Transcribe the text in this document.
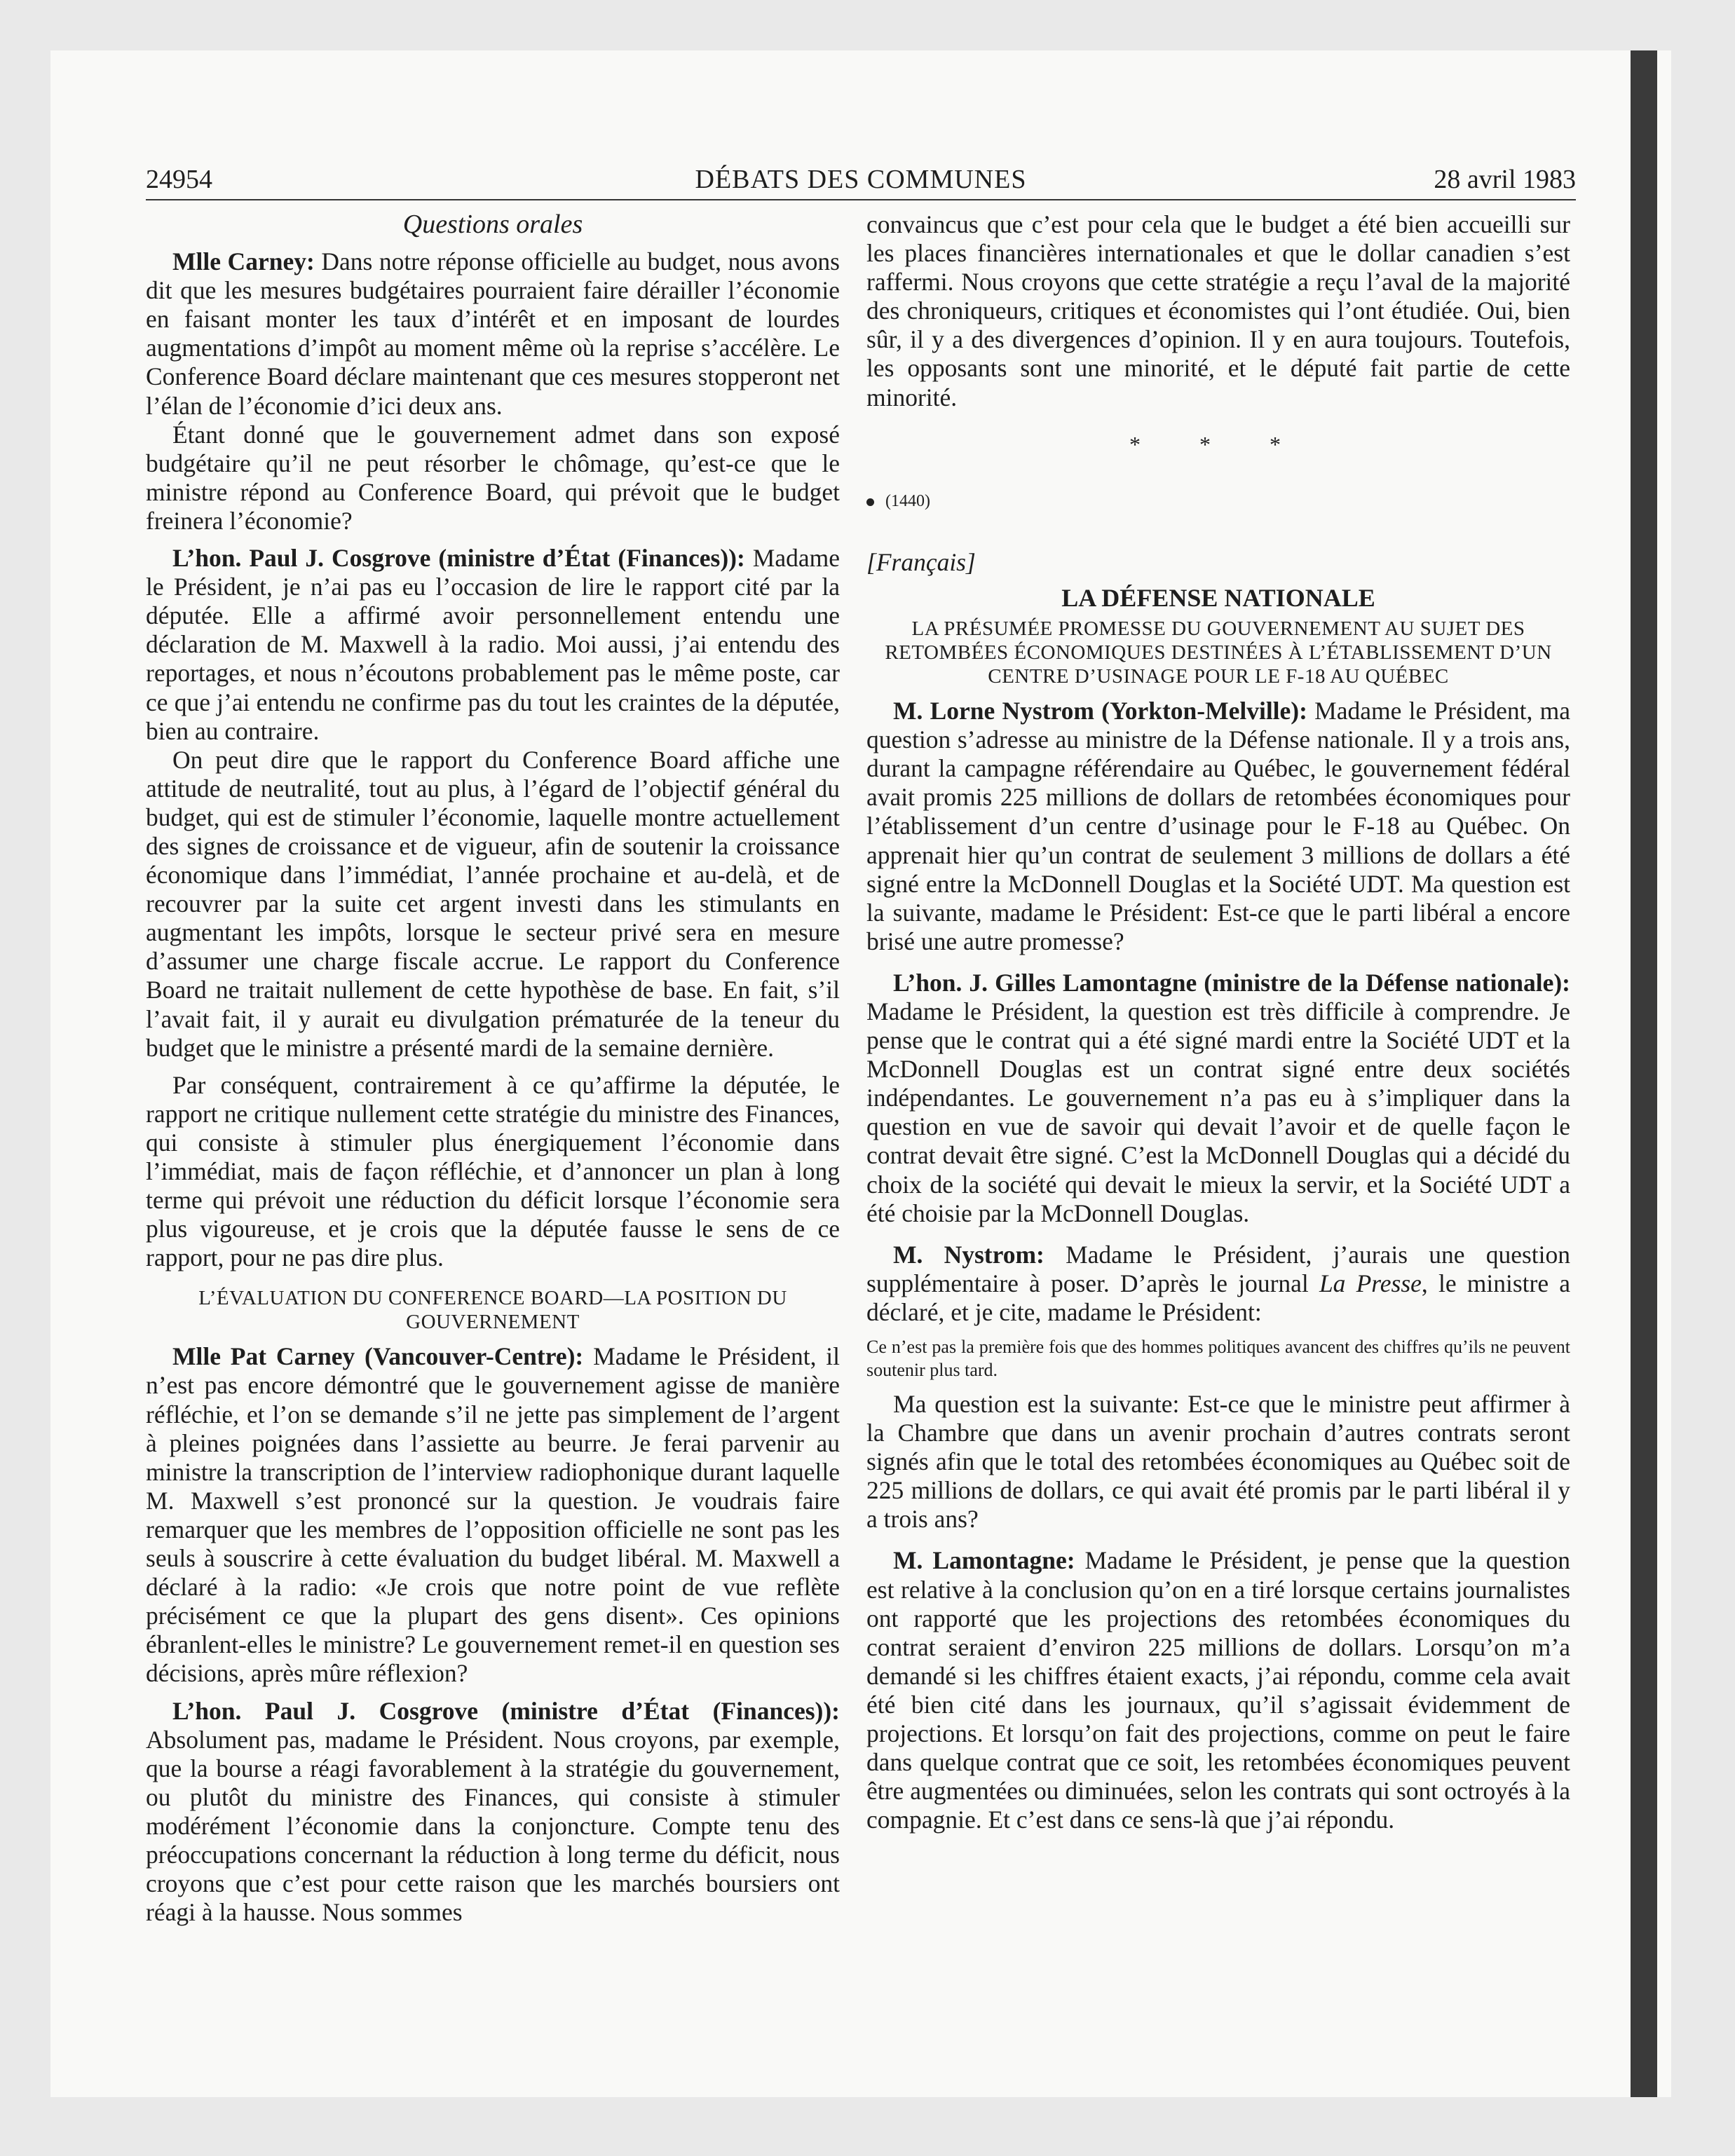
24954	DÉBATS DES COMMUNES	28 avril 1983
Questions orales

Mlle Carney: Dans notre réponse officielle au budget, nous avons dit que les mesures budgétaires pourraient faire dérailler l’économie en faisant monter les taux d’intérêt et en imposant de lourdes augmentations d’impôt au moment même où la reprise s’accélère. Le Conference Board déclare maintenant que ces mesures stopperont net l’élan de l’économie d’ici deux ans.

Étant donné que le gouvernement admet dans son exposé budgétaire qu’il ne peut résorber le chômage, qu’est-ce que le ministre répond au Conference Board, qui prévoit que le budget freinera l’économie?

L’hon. Paul J. Cosgrove (ministre d’État (Finances)): Madame le Président, je n’ai pas eu l’occasion de lire le rapport cité par la députée. Elle a affirmé avoir personnellement entendu une déclaration de M. Maxwell à la radio. Moi aussi, j’ai entendu des reportages, et nous n’écoutons probablement pas le même poste, car ce que j’ai entendu ne confirme pas du tout les craintes de la députée, bien au contraire.

On peut dire que le rapport du Conference Board affiche une attitude de neutralité, tout au plus, à l’égard de l’objectif général du budget, qui est de stimuler l’économie, laquelle montre actuellement des signes de croissance et de vigueur, afin de soutenir la croissance économique dans l’immédiat, l’année prochaine et au-delà, et de recouvrer par la suite cet argent investi dans les stimulants en augmentant les impôts, lorsque le secteur privé sera en mesure d’assumer une charge fiscale accrue. Le rapport du Conference Board ne traitait nullement de cette hypothèse de base. En fait, s’il l’avait fait, il y aurait eu divulgation prématurée de la teneur du budget que le ministre a présenté mardi de la semaine dernière.

Par conséquent, contrairement à ce qu’affirme la députée, le rapport ne critique nullement cette stratégie du ministre des Finances, qui consiste à stimuler plus énergiquement l’économie dans l’immédiat, mais de façon réfléchie, et d’annoncer un plan à long terme qui prévoit une réduction du déficit lorsque l’économie sera plus vigoureuse, et je crois que la députée fausse le sens de ce rapport, pour ne pas dire plus.

L’ÉVALUATION DU CONFERENCE BOARD—LA POSITION DU GOUVERNEMENT

Mlle Pat Carney (Vancouver-Centre): Madame le Président, il n’est pas encore démontré que le gouvernement agisse de manière réfléchie, et l’on se demande s’il ne jette pas simplement de l’argent à pleines poignées dans l’assiette au beurre. Je ferai parvenir au ministre la transcription de l’interview radiophonique durant laquelle M. Maxwell s’est prononcé sur la question. Je voudrais faire remarquer que les membres de l’opposition officielle ne sont pas les seuls à souscrire à cette évaluation du budget libéral. M. Maxwell a déclaré à la radio: «Je crois que notre point de vue reflète précisément ce que la plupart des gens disent». Ces opinions ébranlent-elles le ministre? Le gouvernement remet-il en question ses décisions, après mûre réflexion?

L’hon. Paul J. Cosgrove (ministre d’État (Finances)): Absolument pas, madame le Président. Nous croyons, par exemple, que la bourse a réagi favorablement à la stratégie du gouvernement, ou plutôt du ministre des Finances, qui consiste à stimuler modérément l’économie dans la conjoncture. Compte tenu des préoccupations concernant la réduction à long terme du déficit, nous croyons que c’est pour cette raison que les marchés boursiers ont réagi à la hausse. Nous sommes

convaincus que c’est pour cela que le budget a été bien accueilli sur les places financières internationales et que le dollar canadien s’est raffermi. Nous croyons que cette stratégie a reçu l’aval de la majorité des chroniqueurs, critiques et économistes qui l’ont étudiée. Oui, bien sûr, il y a des divergences d’opinion. Il y en aura toujours. Toutefois, les opposants sont une minorité, et le député fait partie de cette minorité.

* * *
(1440)
[Français]
LA DÉFENSE NATIONALE
LA PRÉSUMÉE PROMESSE DU GOUVERNEMENT AU SUJET DES RETOMBÉES ÉCONOMIQUES DESTINÉES À L’ÉTABLISSEMENT D’UN CENTRE D’USINAGE POUR LE F-18 AU QUÉBEC

M. Lorne Nystrom (Yorkton-Melville): Madame le Président, ma question s’adresse au ministre de la Défense nationale. Il y a trois ans, durant la campagne référendaire au Québec, le gouvernement fédéral avait promis 225 millions de dollars de retombées économiques pour l’établissement d’un centre d’usinage pour le F-18 au Québec. On apprenait hier qu’un contrat de seulement 3 millions de dollars a été signé entre la McDonnell Douglas et la Société UDT. Ma question est la suivante, madame le Président: Est-ce que le parti libéral a encore brisé une autre promesse?

L’hon. J. Gilles Lamontagne (ministre de la Défense nationale): Madame le Président, la question est très difficile à comprendre. Je pense que le contrat qui a été signé mardi entre la Société UDT et la McDonnell Douglas est un contrat signé entre deux sociétés indépendantes. Le gouvernement n’a pas eu à s’impliquer dans la question en vue de savoir qui devait l’avoir et de quelle façon le contrat devait être signé. C’est la McDonnell Douglas qui a décidé du choix de la société qui devait le mieux la servir, et la Société UDT a été choisie par la McDonnell Douglas.

M. Nystrom: Madame le Président, j’aurais une question supplémentaire à poser. D’après le journal La Presse, le ministre a déclaré, et je cite, madame le Président:

Ce n’est pas la première fois que des hommes politiques avancent des chiffres qu’ils ne peuvent soutenir plus tard.

Ma question est la suivante: Est-ce que le ministre peut affirmer à la Chambre que dans un avenir prochain d’autres contrats seront signés afin que le total des retombées économiques au Québec soit de 225 millions de dollars, ce qui avait été promis par le parti libéral il y a trois ans?

M. Lamontagne: Madame le Président, je pense que la question est relative à la conclusion qu’on en a tiré lorsque certains journalistes ont rapporté que les projections des retombées économiques du contrat seraient d’environ 225 millions de dollars. Lorsqu’on m’a demandé si les chiffres étaient exacts, j’ai répondu, comme cela avait été bien cité dans les journaux, qu’il s’agissait évidemment de projections. Et lorsqu’on fait des projections, comme on peut le faire dans quelque contrat que ce soit, les retombées économiques peuvent être augmentées ou diminuées, selon les contrats qui sont octroyés à la compagnie. Et c’est dans ce sens-là que j’ai répondu.
